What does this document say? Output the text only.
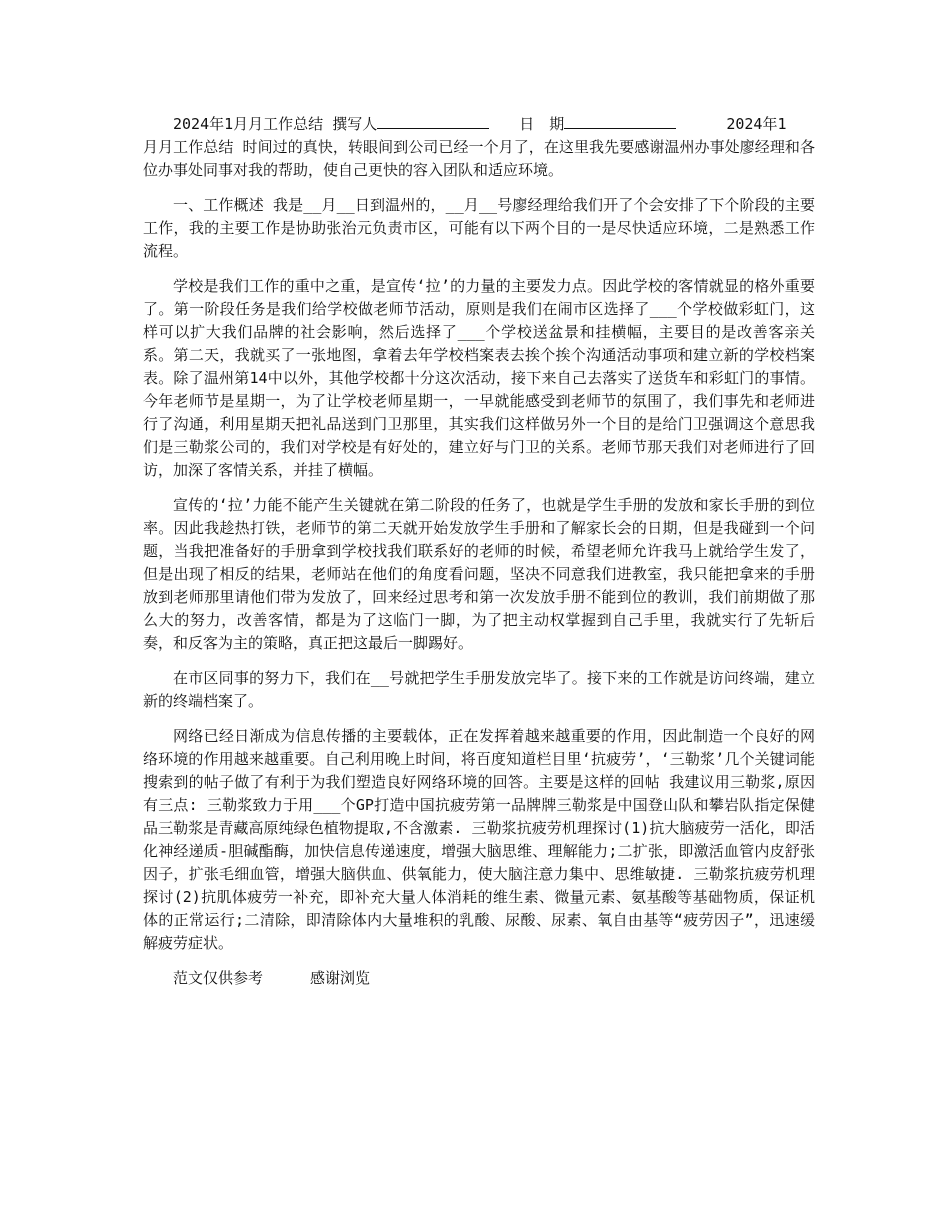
2024年1月月工作总结 撰写人	日　期	2024年1

月月工作总结 时间过的真快，转眼间到公司已经一个月了，在这里我先要感谢温州办事处廖经理和各位办事处同事对我的帮助，使自己更快的容入团队和适应环境。

一、工作概述 我是__月__日到温州的，__月__号廖经理给我们开了个会安排了下个阶段的主要工作，我的主要工作是协助张治元负责市区，可能有以下两个目的一是尽快适应环境，二是熟悉工作流程。

学校是我们工作的重中之重，是宣传‘拉’的力量的主要发力点。因此学校的客情就显的格外重要了。第一阶段任务是我们给学校做老师节活动，原则是我们在闹市区选择了___个学校做彩虹门，这样可以扩大我们品牌的社会影响，然后选择了___个学校送盆景和挂横幅，主要目的是改善客亲关系。第二天，我就买了一张地图，拿着去年学校档案表去挨个挨个沟通活动事项和建立新的学校档案表。除了温州第14中以外，其他学校都十分这次活动，接下来自己去落实了送货车和彩虹门的事情。今年老师节是星期一，为了让学校老师星期一，一早就能感受到老师节的氛围了，我们事先和老师进行了沟通，利用星期天把礼品送到门卫那里，其实我们这样做另外一个目的是给门卫强调这个意思我们是三勒浆公司的，我们对学校是有好处的，建立好与门卫的关系。老师节那天我们对老师进行了回访，加深了客情关系，并挂了横幅。

宣传的‘拉’力能不能产生关键就在第二阶段的任务了，也就是学生手册的发放和家长手册的到位率。因此我趁热打铁，老师节的第二天就开始发放学生手册和了解家长会的日期，但是我碰到一个问题，当我把准备好的手册拿到学校找我们联系好的老师的时候，希望老师允许我马上就给学生发了，但是出现了相反的结果，老师站在他们的角度看问题，坚决不同意我们进教室，我只能把拿来的手册放到老师那里请他们带为发放了，回来经过思考和第一次发放手册不能到位的教训，我们前期做了那么大的努力，改善客情，都是为了这临门一脚，为了把主动权掌握到自己手里，我就实行了先斩后奏，和反客为主的策略，真正把这最后一脚踢好。

在市区同事的努力下，我们在__号就把学生手册发放完毕了。接下来的工作就是访问终端，建立新的终端档案了。

网络已经日渐成为信息传播的主要载体，正在发挥着越来越重要的作用，因此制造一个良好的网络环境的作用越来越重要。自己利用晚上时间，将百度知道栏目里‘抗疲劳’，‘三勒浆’几个关键词能搜索到的帖子做了有利于为我们塑造良好网络环境的回答。主要是这样的回帖 我建议用三勒浆,原因有三点: 三勒浆致力于用___个GP打造中国抗疲劳第一品牌牌三勒浆是中国登山队和攀岩队指定保健品三勒浆是青藏高原纯绿色植物提取,不含激素. 三勒浆抗疲劳机理探讨(1)抗大脑疲劳一活化，即活化神经递质-胆碱酯酶，加快信息传递速度，增强大脑思维、理解能力;二扩张，即激活血管内皮舒张因子，扩张毛细血管，增强大脑供血、供氧能力，使大脑注意力集中、思维敏捷. 三勒浆抗疲劳机理探讨(2)抗肌体疲劳一补充，即补充大量人体消耗的维生素、微量元素、氨基酸等基础物质，保证机体的正常运行;二清除，即清除体内大量堆积的乳酸、尿酸、尿素、氧自由基等“疲劳因子”，迅速缓解疲劳症状。

范文仅供参考	感谢浏览
